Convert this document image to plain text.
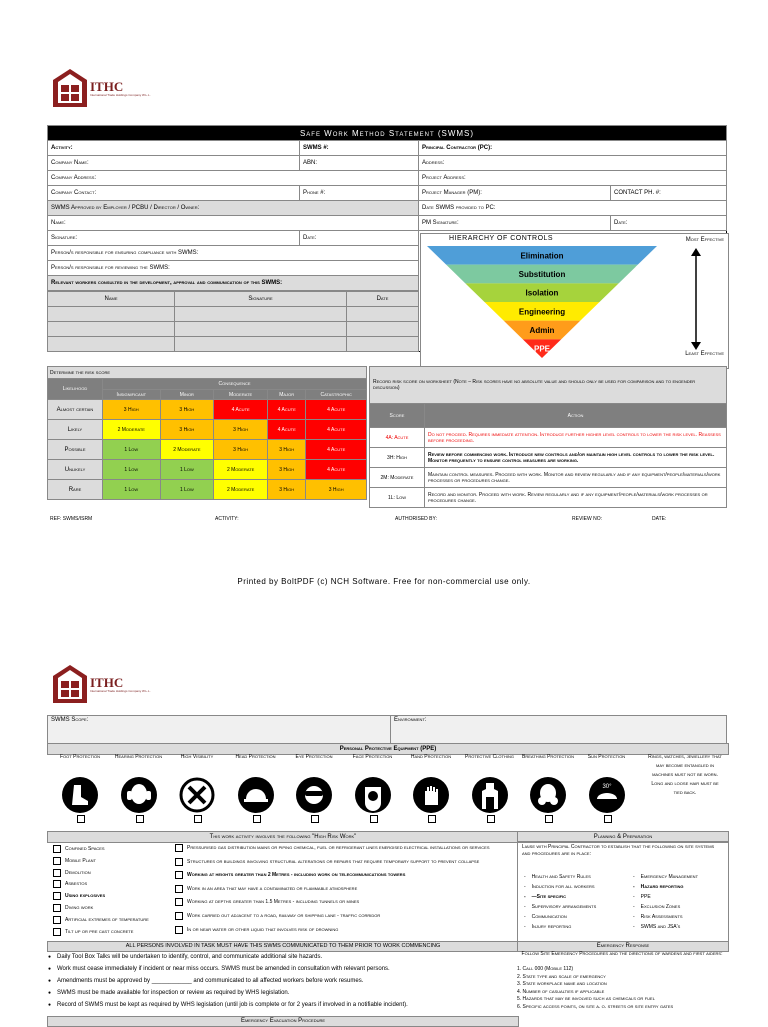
ITHC
International Trade Holdings Company W.L.L.
Safe Work Method Statement (SWMS)
Activity:	SWMS #:	Principal Contractor (PC):
Company Name:	ABN:	Address:
Company Address:	Project Address:
Company Contact:	Phone #:	Project Manager (PM):	CONTACT PH. #:
SWMS Approved by Employer / PCBU / Director / Owner:	Date SWMS provided to PC:
Name:	PM Signature:	Date:
Signature:	Date:	
Person/s responsible for ensuring compliance with SWMS:
Person/s responsible for reviewing the SWMS:
Relevant workers consulted in the development, approval and communication of this SWMS:

Name	Signature	Date

HIERARCHY OF CONTROLS	Most Effective
Least Effective
Elimination
Substitution
Isolation
Engineering
Admin
PPE
Determine the risk score					
Likelihood	Consequence				
	Insignificant	Minor	Moderate	Major	Catastrophic
Almost certain	3 High	3 High	4 Acute	4 Acute	4 Acute
Likely	2 Moderate	3 High	3 High	4 Acute	4 Acute
Possible	1 Low	2 Moderate	3 High	3 High	4 Acute
Unlikely	1 Low	1 Low	2 Moderate	3 High	4 Acute
Rare	1 Low	1 Low	2 Moderate	3 High	3 High
Record risk score on worksheet (Note – Risk scores have no absolute value and should only be used for comparison and to engender discussion)	
Score	Action
4A: Acute	Do not proceed. Requires immediate attention. Introduce further higher level controls to lower the risk level. Reassess before proceeding.
3H: High	Review before commencing work. Introduce new controls and/or maintain high level controls to lower the risk level. Monitor frequently to ensure control measures are working.
2M: Moderate	Maintain control measures. Proceed with work. Monitor and review regularly and if any equipment/people/materials/work processes or procedures change.
1L: Low	Record and monitor. Proceed with work. Review regularly and if any equipment/people/materials/work processes or procedures change.
REF: SWMS/ISRM	ACTIVITY:	AUTHORISED BY:	REVIEW NO:	DATE:
Printed by BoltPDF (c) NCH Software. Free for non-commercial use only.
ITHC
International Trade Holdings Company W.L.L.
SWMS Scope:	Environment:
Personal Protective Equipment (PPE)
Foot Protection	Hearing Protection	High Visibility	Head Protection	Eye Protection	Face Protection	Hand Protection	Protective Clothing	Breathing Protection	Sun Protection
30°
Rings, watches, jewellery that may become entangled in machines must not be worn. Long and loose hair must be tied back.
This work activity involves the following "High Risk Work"	Planning & Preparation
Confined Spaces
Mobile Plant
Demolition
Asbestos
Using explosives
Diving work
Artificial extremes of temperature
Tilt up or pre cast concrete
Pressurised gas distribution mains or piping chemical, fuel or refrigerant lines energised electrical installations or services
Structures or buildings involving structural alterations or repairs that require temporary support to prevent collapse
Working at heights greater than 2 Metres - including work on telecommunications towers
Work in an area that may have a contaminated or flammable atmosphere
Working at depths greater than 1.5 Metres - including tunnels or mines
Work carried out adjacent to a road, railway or shipping lane - traffic corridor
In or near water or other liquid that involves risk of drowning
Liaise with Principal Contractor to establish that the following on site systems and procedures are in place:
- Health and Safety Rules
- Induction for all workers
- —Site specific
- Supervisory arrangements
- Communication
- Injury reporting
- Emergency Management
- Hazard reporting
- PPE
- Exclusion Zones
- Risk Assessments
- SWMS and JSA's
ALL PERSONS INVOLVED IN TASK MUST HAVE THIS SWMS COMMUNICATED TO THEM PRIOR TO WORK COMMENCING	Emergency Response
● Daily Tool Box Talks will be undertaken to identify, control, and communicate additional site hazards.
● Work must cease immediately if incident or near miss occurs. SWMS must be amended in consultation with relevant persons.
● Amendments must be approved by ____________ and communicated to all affected workers before work resumes.
● SWMS must be made available for inspection or review as required by WHS legislation.
● Record of SWMS must be kept as required by WHS legislation (until job is complete or for 2 years if involved in a notifiable incident).
Follow Site Emergency Procedures and the directions of wardens and first aiders:
1. Call 000 (Mobile 112)
2. State type and scale of emergency
3. State workplace name and location
4. Number of casualties if applicable
5. Hazards that may be involved such as chemicals or fuel
6. Specific access points, on site a. o. streets or site entry gates
Emergency Evacuation Procedure
